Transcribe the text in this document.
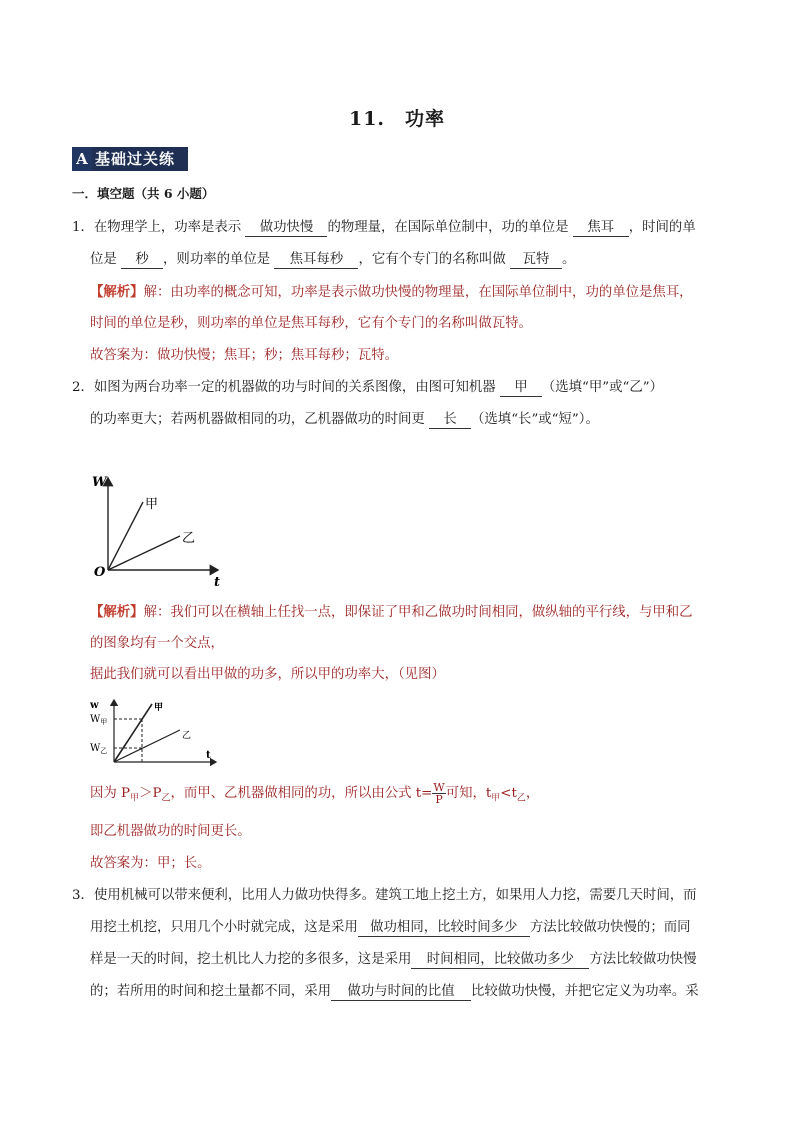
11.　功率
A 基础过关练
一．填空题（共 6 小题）
1．在物理学上，功率是表示 做功快慢 的物理量，在国际单位制中，功的单位是 焦耳 ，时间的单
位是 秒 ，则功率的单位是 焦耳每秒 ，它有个专门的名称叫做 瓦特 。
【解析】解：由功率的概念可知，功率是表示做功快慢的物理量，在国际单位制中，功的单位是焦耳，
时间的单位是秒，则功率的单位是焦耳每秒，它有个专门的名称叫做瓦特。
故答案为：做功快慢；焦耳；秒；焦耳每秒；瓦特。
2．如图为两台功率一定的机器做的功与时间的关系图像，由图可知机器 甲 （选填“甲”或“乙”）
的功率更大；若两机器做相同的功，乙机器做功的时间更 长 （选填“长”或“短”）。
W
O
t
甲
乙
【解析】解：我们可以在横轴上任找一点，即保证了甲和乙做功时间相同，做纵轴的平行线，与甲和乙
的图象均有一个交点，
据此我们就可以看出甲做的功多，所以甲的功率大，（见图）
w
$W_甲$
$W_乙$	t
甲
乙
因为 $P_甲>P_乙$，而甲、乙机器做相同的功，所以由公式 $t= \frac{W}{P}$ 可知，$t_甲<t_乙$，
即乙机器做功的时间更长。
故答案为：甲；长。
3．使用机械可以带来便利，比用人力做功快得多。建筑工地上挖土方，如果用人力挖，需要几天时间，而
用挖土机挖，只用几个小时就完成，这是采用 做功相同，比较时间多少 方法比较做功快慢的；而同
样是一天的时间，挖土机比人力挖的多很多，这是采用 时间相同，比较做功多少 方法比较做功快慢
的；若所用的时间和挖土量都不同，采用 做功与时间的比值 比较做功快慢，并把它定义为功率。采
